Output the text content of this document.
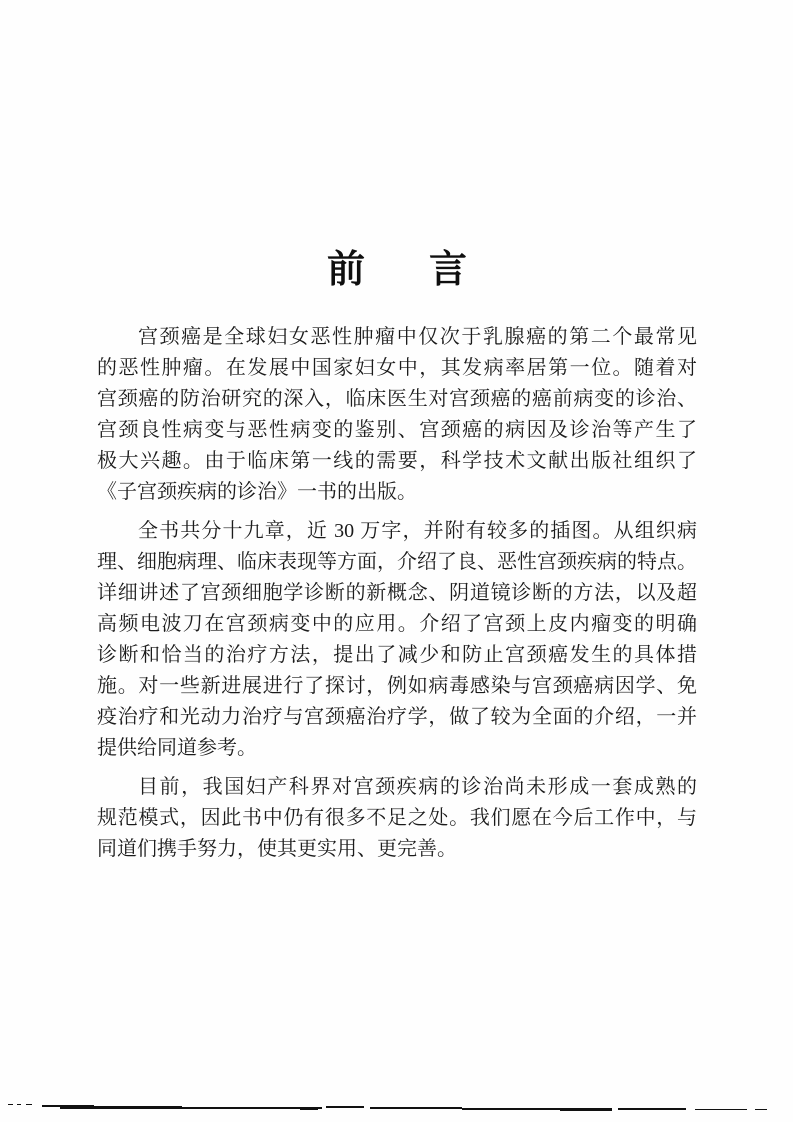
前 言
宫颈癌是全球妇女恶性肿瘤中仅次于乳腺癌的第二个最常见
的恶性肿瘤。在发展中国家妇女中，其发病率居第一位。随着对
宫颈癌的防治研究的深入，临床医生对宫颈癌的癌前病变的诊治、
宫颈良性病变与恶性病变的鉴别、宫颈癌的病因及诊治等产生了
极大兴趣。由于临床第一线的需要，科学技术文献出版社组织了
《子宫颈疾病的诊治》一书的出版。
全书共分十九章，近 30 万字，并附有较多的插图。从组织病
理、细胞病理、临床表现等方面，介绍了良、恶性宫颈疾病的特点。
详细讲述了宫颈细胞学诊断的新概念、阴道镜诊断的方法，以及超
高频电波刀在宫颈病变中的应用。介绍了宫颈上皮内瘤变的明确
诊断和恰当的治疗方法，提出了减少和防止宫颈癌发生的具体措
施。对一些新进展进行了探讨，例如病毒感染与宫颈癌病因学、免
疫治疗和光动力治疗与宫颈癌治疗学，做了较为全面的介绍，一并
提供给同道参考。
目前，我国妇产科界对宫颈疾病的诊治尚未形成一套成熟的
规范模式，因此书中仍有很多不足之处。我们愿在今后工作中，与
同道们携手努力，使其更实用、更完善。
